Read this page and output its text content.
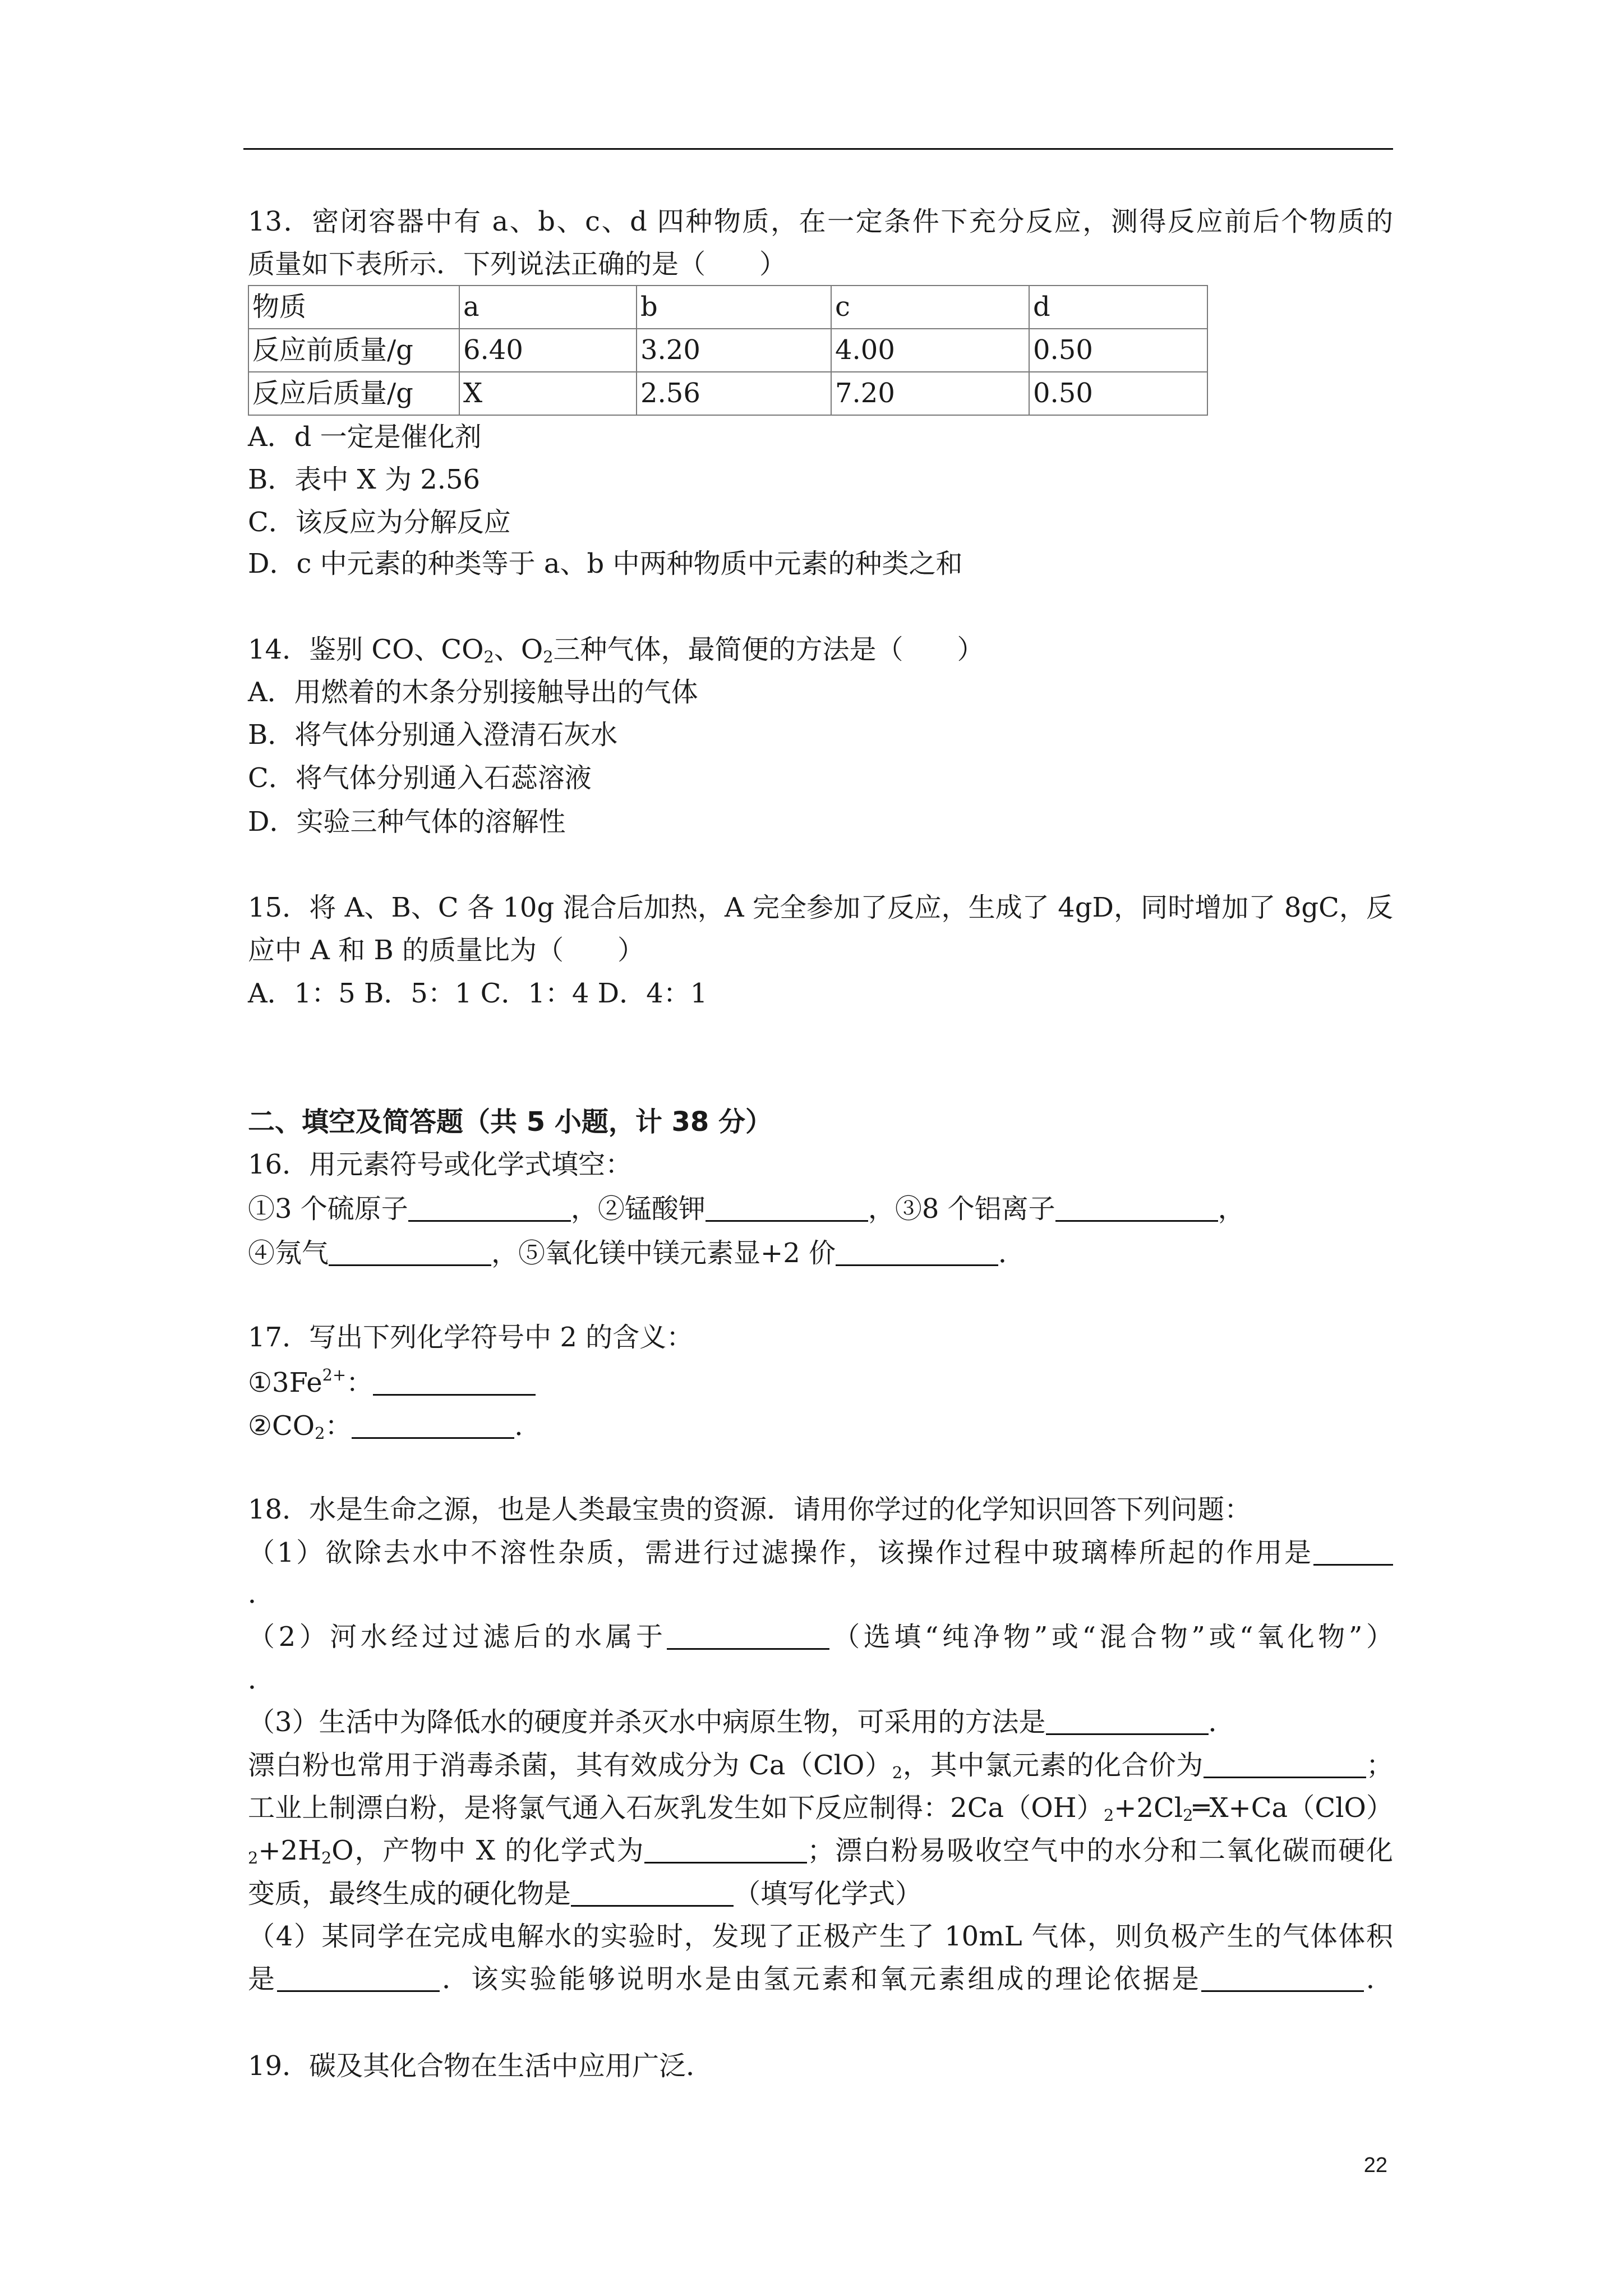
13．密闭容器中有 a、b、c、d 四种物质，在一定条件下充分反应，测得反应前后个物质的
质量如下表所示．下列说法正确的是（　　）
物质	a	b	c	d
反应前质量/g	6.40	3.20	4.00	0.50
反应后质量/g	X	2.56	7.20	0.50
A．d 一定是催化剂
B．表中 X 为 2.56
C．该反应为分解反应
D．c 中元素的种类等于 a、b 中两种物质中元素的种类之和
14．鉴别 CO、$CO_2$、$O_2$三种气体，最简便的方法是（　　）
A．用燃着的木条分别接触导出的气体
B．将气体分别通入澄清石灰水
C．将气体分别通入石蕊溶液
D．实验三种气体的溶解性
15．将 A、B、C 各 10g 混合后加热，A 完全参加了反应，生成了 4gD，同时增加了 8gC，反
应中 A 和 B 的质量比为（　　）
A．1：5 B．5：1 C．1：4 D．4：1
二、填空及简答题（共 5 小题，计 38 分）
16．用元素符号或化学式填空：
①3 个硫原子	，②锰酸钾	，③8 个铝离子	，
④氖气	，⑤氧化镁中镁元素显+2 价	．
17．写出下列化学符号中 2 的含义：
$①3Fe^{2+}$：
$②CO_2$：	．
18．水是生命之源，也是人类最宝贵的资源．请用你学过的化学知识回答下列问题：
（1）欲除去水中不溶性杂质，需进行过滤操作，该操作过程中玻璃棒所起的作用是
．
（2）河水经过过滤后的水属于	（选填“纯净物”或“混合物”或“氧化物”）
．
（3）生活中为降低水的硬度并杀灭水中病原生物，可采用的方法是	．
漂白粉也常用于消毒杀菌，其有效成分为 $Ca(ClO)_2$，其中氯元素的化合价为	；
工业上制漂白粉，是将氯气通入石灰乳发生如下反应制得：$2Ca(OH)_2+2Cl_2═X+Ca(ClO)$
$_2+2H_2O$，产物中 X 的化学式为	；漂白粉易吸收空气中的水分和二氧化碳而硬化
变质，最终生成的硬化物是	（填写化学式）
（4）某同学在完成电解水的实验时，发现了正极产生了 10mL 气体，则负极产生的气体体积
是	．该实验能够说明水是由氢元素和氧元素组成的理论依据是	．
19．碳及其化合物在生活中应用广泛．
22
